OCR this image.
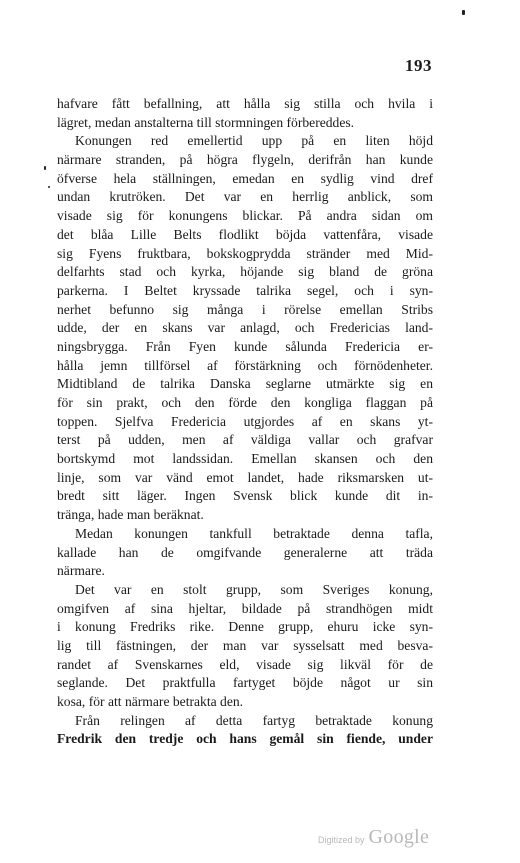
193
hafvare fått befallning, att hålla sig stilla och hvila i
lägret, medan anstalterna till stormningen förbereddes.
Konungen red emellertid upp på en liten höjd
närmare stranden, på högra flygeln, derifrån han kunde
öfverse hela ställningen, emedan en sydlig vind dref
undan krutröken. Det var en herrlig anblick, som
visade sig för konungens blickar. På andra sidan om
det blåa Lille Belts flodlikt böjda vattenfåra, visade
sig Fyens fruktbara, bokskogprydda stränder med Mid-
delfarhts stad och kyrka, höjande sig bland de gröna
parkerna. I Beltet kryssade talrika segel, och i syn-
nerhet befunno sig många i rörelse emellan Stribs
udde, der en skans var anlagd, och Fredericias land-
ningsbrygga. Från Fyen kunde sålunda Fredericia er-
hålla jemn tillförsel af förstärkning och förnödenheter.
Midtibland de talrika Danska seglarne utmärkte sig en
för sin prakt, och den förde den kongliga flaggan på
toppen. Sjelfva Fredericia utgjordes af en skans yt-
terst på udden, men af väldiga vallar och grafvar
bortskymd mot landssidan. Emellan skansen och den
linje, som var vänd emot landet, hade riksmarsken ut-
bredt sitt läger. Ingen Svensk blick kunde dit in-
tränga, hade man beräknat.
Medan konungen tankfull betraktade denna tafla,
kallade han de omgifvande generalerne att träda
närmare.
Det var en stolt grupp, som Sveriges konung,
omgifven af sina hjeltar, bildade på strandhögen midt
i konung Fredriks rike. Denne grupp, ehuru icke syn-
lig till fästningen, der man var sysselsatt med besva-
randet af Svenskarnes eld, visade sig likväl för de
seglande. Det praktfulla fartyget böjde något ur sin
kosa, för att närmare betrakta den.
Från relingen af detta fartyg betraktade konung
Fredrik den tredje och hans gemål sin fiende, under
Digitized by Google
